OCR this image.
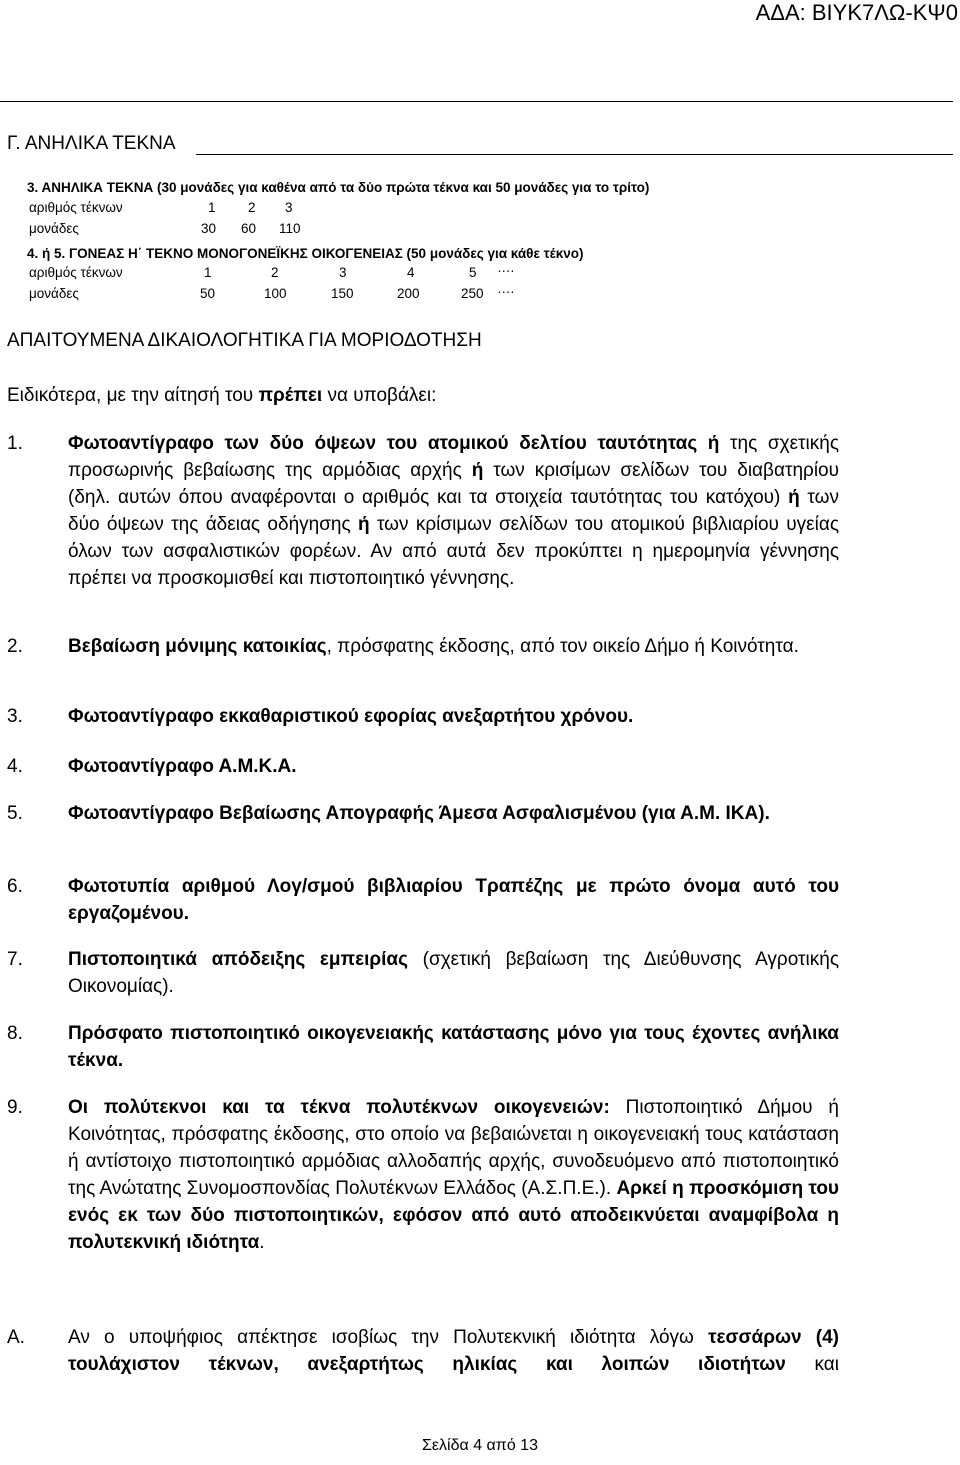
ΑΔΑ: ΒΙΥΚ7ΛΩ-ΚΨ0
Γ. ΑΝΗΛΙΚΑ ΤΕΚΝΑ
3. ΑΝΗΛΙΚΑ ΤΕΚΝΑ (30 μονάδες για καθένα από τα δύο πρώτα τέκνα και 50 μονάδες για το τρίτο)
αριθμός τέκνων	1 2 3
μονάδες	30 60 110
4. ή 5. ΓΟΝΕΑΣ Η΄ ΤΕΚΝΟ ΜΟΝΟΓΟΝΕΪΚΗΣ ΟΙΚΟΓΕΝΕΙΑΣ (50 μονάδες για κάθε τέκνο)
αριθμός τέκνων	1	2	3	4	5 ….
μονάδες	50	100	150	200	250 ….
ΑΠΑΙΤΟΥΜΕΝΑ ΔΙΚΑΙΟΛΟΓΗΤΙΚΑ ΓΙΑ ΜΟΡΙΟΔΟΤΗΣΗ
Ειδικότερα, με την αίτησή του πρέπει να υποβάλει:
1.	Φωτοαντίγραφο των δύο όψεων του ατομικού δελτίου ταυτότητας ή της σχετικής προσωρινής βεβαίωσης της αρμόδιας αρχής ή των κρισίμων σελίδων του διαβατηρίου (δηλ. αυτών όπου αναφέρονται ο αριθμός και τα στοιχεία ταυτότητας του κατόχου) ή των δύο όψεων της άδειας οδήγησης ή των κρίσιμων σελίδων του ατομικού βιβλιαρίου υγείας όλων των ασφαλιστικών φορέων. Αν από αυτά δεν προκύπτει η ημερομηνία γέννησης πρέπει να προσκομισθεί και πιστοποιητικό γέννησης.
2.	Βεβαίωση μόνιμης κατοικίας, πρόσφατης έκδοσης, από τον οικείο Δήμο ή Κοινότητα.
3.	Φωτοαντίγραφο εκκαθαριστικού εφορίας ανεξαρτήτου χρόνου.
4.	Φωτοαντίγραφο Α.Μ.Κ.Α.
5.	Φωτοαντίγραφο Βεβαίωσης Απογραφής Άμεσα Ασφαλισμένου (για Α.Μ. ΙΚΑ).
6.	Φωτοτυπία αριθμού Λογ/σμού βιβλιαρίου Τραπέζης με πρώτο όνομα αυτό του εργαζομένου.
7.	Πιστοποιητικά απόδειξης εμπειρίας (σχετική βεβαίωση της Διεύθυνσης Αγροτικής Οικονομίας).
8.	Πρόσφατο πιστοποιητικό οικογενειακής κατάστασης μόνο για τους έχοντες ανήλικα τέκνα.
9.	Οι πολύτεκνοι και τα τέκνα πολυτέκνων οικογενειών: Πιστοποιητικό Δήμου ή Κοινότητας, πρόσφατης έκδοσης, στο οποίο να βεβαιώνεται η οικογενειακή τους κατάσταση ή αντίστοιχο πιστοποιητικό αρμόδιας αλλοδαπής αρχής, συνοδευόμενο από πιστοποιητικό της Ανώτατης Συνομοσπονδίας Πολυτέκνων Ελλάδος (Α.Σ.Π.Ε.). Αρκεί η προσκόμιση του ενός εκ των δύο πιστοποιητικών, εφόσον από αυτό αποδεικνύεται αναμφίβολα η πολυτεκνική ιδιότητα.
Α. Αν ο υποψήφιος απέκτησε ισοβίως την Πολυτεκνική ιδιότητα λόγω τεσσάρων (4) τουλάχιστον τέκνων, ανεξαρτήτως ηλικίας και λοιπών ιδιοτήτων και
Σελίδα 4 από 13
